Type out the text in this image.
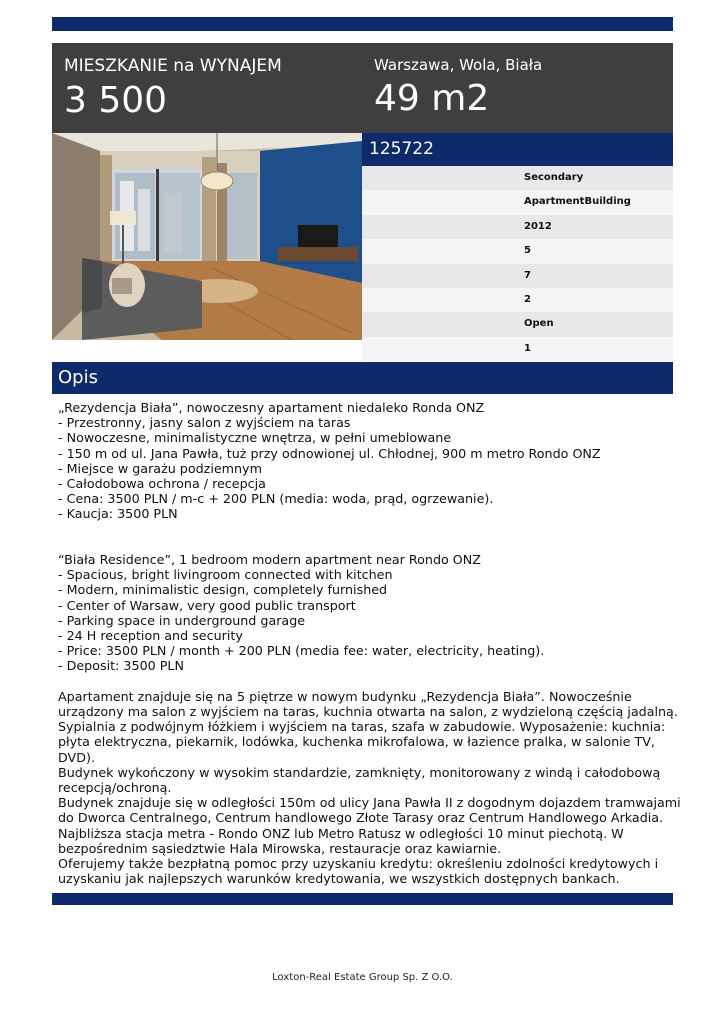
MIESZKANIE na WYNAJEM
3 500
Warszawa, Wola, Biała
49 m2
125722
Secondary
ApartmentBuilding
2012
5
7
2
Open
1
Opis
„Rezydencja Biała”, nowoczesny apartament niedaleko Ronda ONZ
- Przestronny, jasny salon z wyjściem na taras
- Nowoczesne, minimalistyczne wnętrza, w pełni umeblowane
- 150 m od ul. Jana Pawła, tuż przy odnowionej ul. Chłodnej, 900 m metro Rondo ONZ
- Miejsce w garażu podziemnym
- Całodobowa ochrona / recepcja
- Cena: 3500 PLN / m-c + 200 PLN (media: woda, prąd, ogrzewanie).
- Kaucja: 3500 PLN
“Biała Residence”, 1 bedroom modern apartment near Rondo ONZ
- Spacious, bright livingroom connected with kitchen
- Modern, minimalistic design, completely furnished
- Center of Warsaw, very good public transport
- Parking space in underground garage
- 24 H reception and security
- Price: 3500 PLN / month + 200 PLN (media fee: water, electricity, heating).
- Deposit: 3500 PLN
Apartament znajduje się na 5 piętrze w nowym budynku „Rezydencja Biała”. Nowocześnie
urządzony ma salon z wyjściem na taras, kuchnia otwarta na salon, z wydzieloną częścią jadalną.
Sypialnia z podwójnym łóżkiem i wyjściem na taras, szafa w zabudowie. Wyposażenie: kuchnia:
płyta elektryczna, piekarnik, lodówka, kuchenka mikrofalowa, w łazience pralka, w salonie TV,
DVD).
Budynek wykończony w wysokim standardzie, zamknięty, monitorowany z windą i całodobową
recepcją/ochroną.
Budynek znajduje się w odległości 150m od ulicy Jana Pawła II z dogodnym dojazdem tramwajami
do Dworca Centralnego, Centrum handlowego Złote Tarasy oraz Centrum Handlowego Arkadia.
Najbliższa stacja metra - Rondo ONZ lub Metro Ratusz w odległości 10 minut piechotą. W
bezpośrednim sąsiedztwie Hala Mirowska, restauracje oraz kawiarnie.
Oferujemy także bezpłatną pomoc przy uzyskaniu kredytu: określeniu zdolności kredytowych i
uzyskaniu jak najlepszych warunków kredytowania, we wszystkich dostępnych bankach.
Loxton-Real Estate Group Sp. Z O.O.
